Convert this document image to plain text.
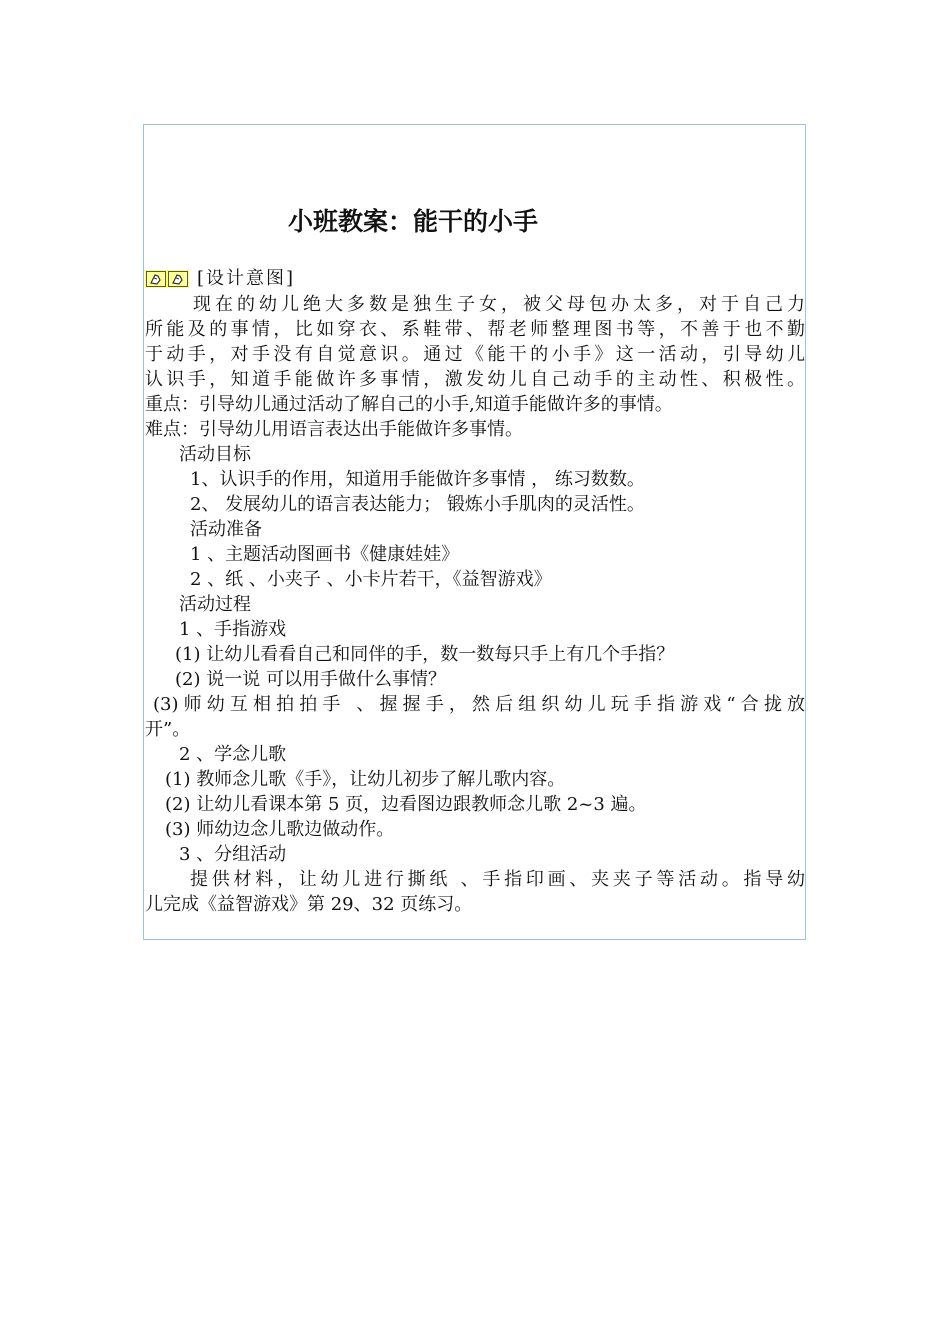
小班教案：能干的小手
[设计意图]
现在的幼儿绝大多数是独生子女，被父母包办太多，对于自己力
所能及的事情，比如穿衣、系鞋带、帮老师整理图书等，不善于也不勤
于动手，对手没有自觉意识。通过《能干的小手》这一活动，引导幼儿
认识手，知道手能做许多事情，激发幼儿自己动手的主动性、积极性。
重点：引导幼儿通过活动了解自己的小手,知道手能做许多的事情。
难点：引导幼儿用语言表达出手能做许多事情。
活动目标
1、认识手的作用，知道用手能做许多事情 ， 练习数数。
2、 发展幼儿的语言表达能力； 锻炼小手肌肉的灵活性。
活动准备
1 、主题活动图画书《健康娃娃》
2 、纸 、小夹子 、小卡片若干，《益智游戏》
活动过程
1 、手指游戏
(1) 让幼儿看看自己和同伴的手，数一数每只手上有几个手指？
(2) 说一说 可以用手做什么事情？
(3)师幼互相拍拍手 、握握手，然后组织幼儿玩手指游戏“合拢放
开”。
2 、学念儿歌
(1) 教师念儿歌《手》，让幼儿初步了解儿歌内容。
(2) 让幼儿看课本第 5 页，边看图边跟教师念儿歌 2~3 遍。
(3) 师幼边念儿歌边做动作。
3 、分组活动
提供材料，让幼儿进行撕纸 、手指印画、夹夹子等活动。指导幼
儿完成《益智游戏》第 29、32 页练习。
